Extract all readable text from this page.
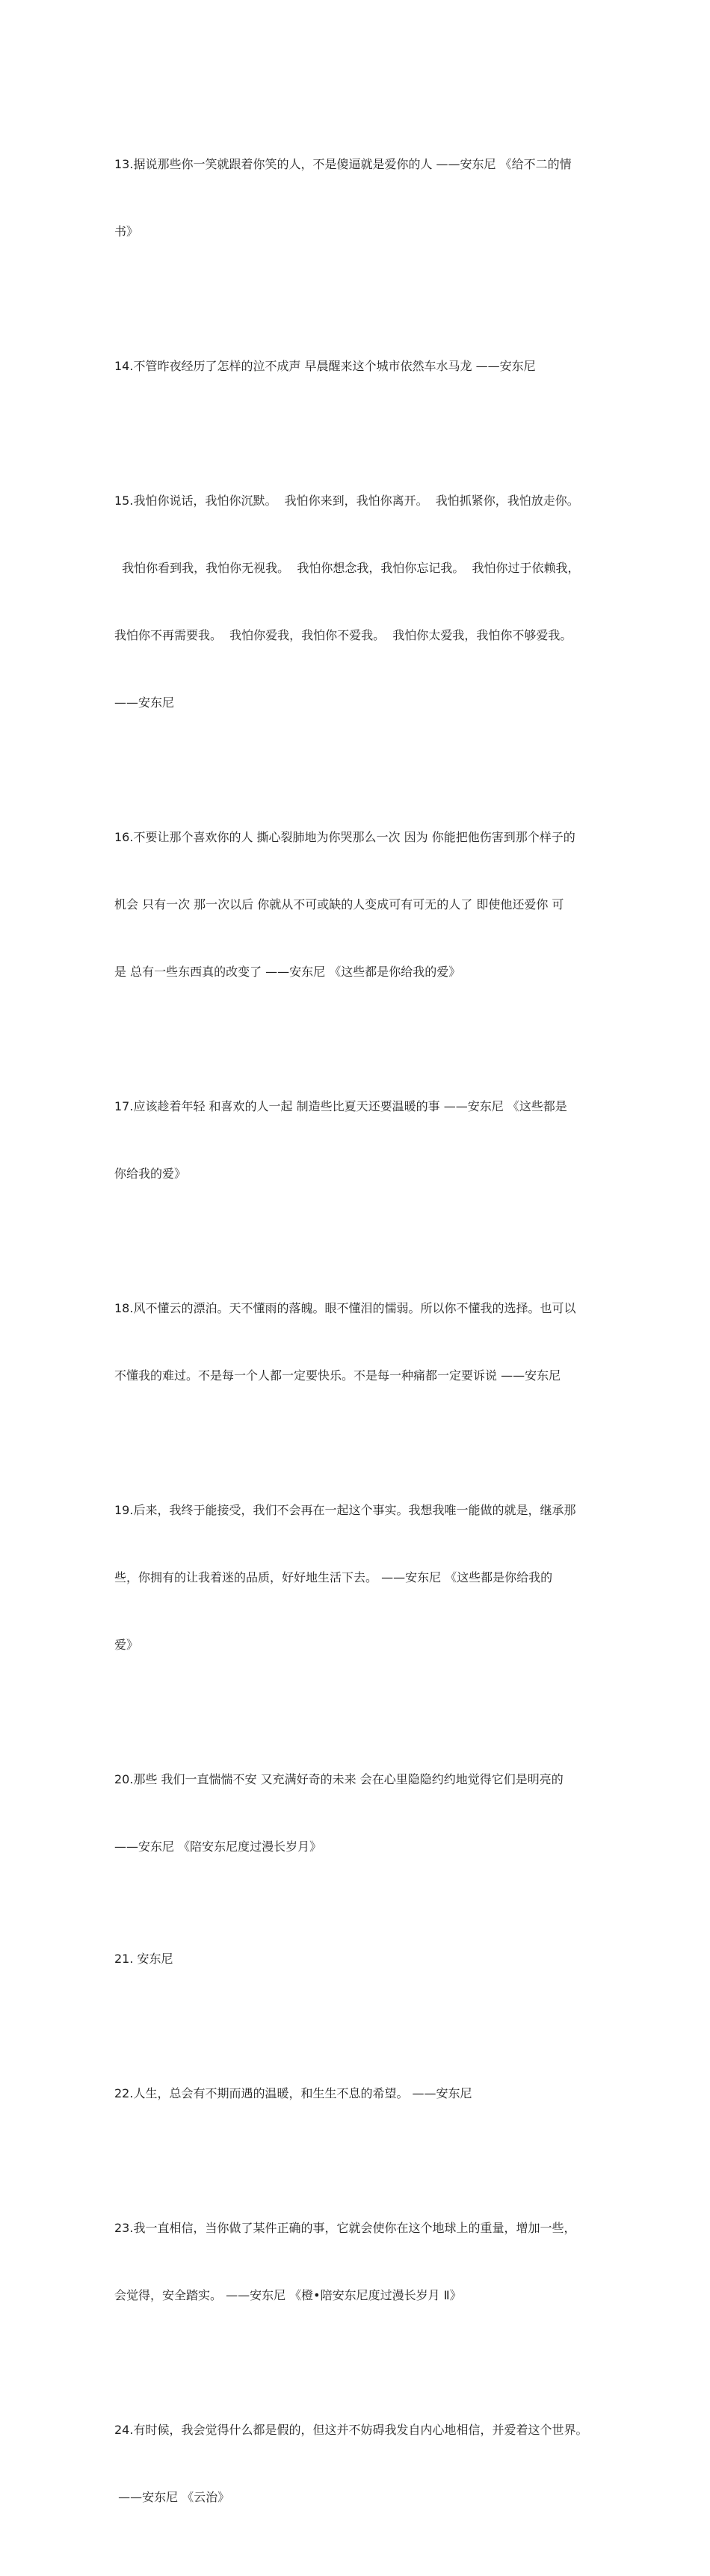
13.据说那些你一笑就跟着你笑的人，不是傻逼就是爱你的人 ——安东尼 《给不二的情

书》

14.不管昨夜经历了怎样的泣不成声 早晨醒来这个城市依然车水马龙 ——安东尼

15.我怕你说话，我怕你沉默。  我怕你来到，我怕你离开。  我怕抓紧你，我怕放走你。

我怕你看到我，我怕你无视我。  我怕你想念我，我怕你忘记我。  我怕你过于依赖我，

我怕你不再需要我。  我怕你爱我，我怕你不爱我。  我怕你太爱我，我怕你不够爱我。

——安东尼

16.不要让那个喜欢你的人 撕心裂肺地为你哭那么一次 因为 你能把他伤害到那个样子的

机会 只有一次 那一次以后 你就从不可或缺的人变成可有可无的人了 即使他还爱你 可

是 总有一些东西真的改变了 ——安东尼 《这些都是你给我的爱》

17.应该趁着年轻 和喜欢的人一起 制造些比夏天还要温暖的事 ——安东尼 《这些都是

你给我的爱》

18.风不懂云的漂泊。天不懂雨的落魄。眼不懂泪的懦弱。所以你不懂我的选择。也可以

不懂我的难过。不是每一个人都一定要快乐。不是每一种痛都一定要诉说 ——安东尼

19.后来，我终于能接受，我们不会再在一起这个事实。我想我唯一能做的就是，继承那

些，你拥有的让我着迷的品质，好好地生活下去。 ——安东尼 《这些都是你给我的

爱》

20.那些 我们一直惴惴不安 又充满好奇的未来 会在心里隐隐约约地觉得它们是明亮的

——安东尼 《陪安东尼度过漫长岁月》

21. 安东尼

22.人生，总会有不期而遇的温暖，和生生不息的希望。 ——安东尼

23.我一直相信，当你做了某件正确的事，它就会使你在这个地球上的重量，增加一些，

会觉得，安全踏实。 ——安东尼 《橙•陪安东尼度过漫长岁月 Ⅱ》

24.有时候，我会觉得什么都是假的，但这并不妨碍我发自内心地相信，并爱着这个世界。

——安东尼 《云治》
